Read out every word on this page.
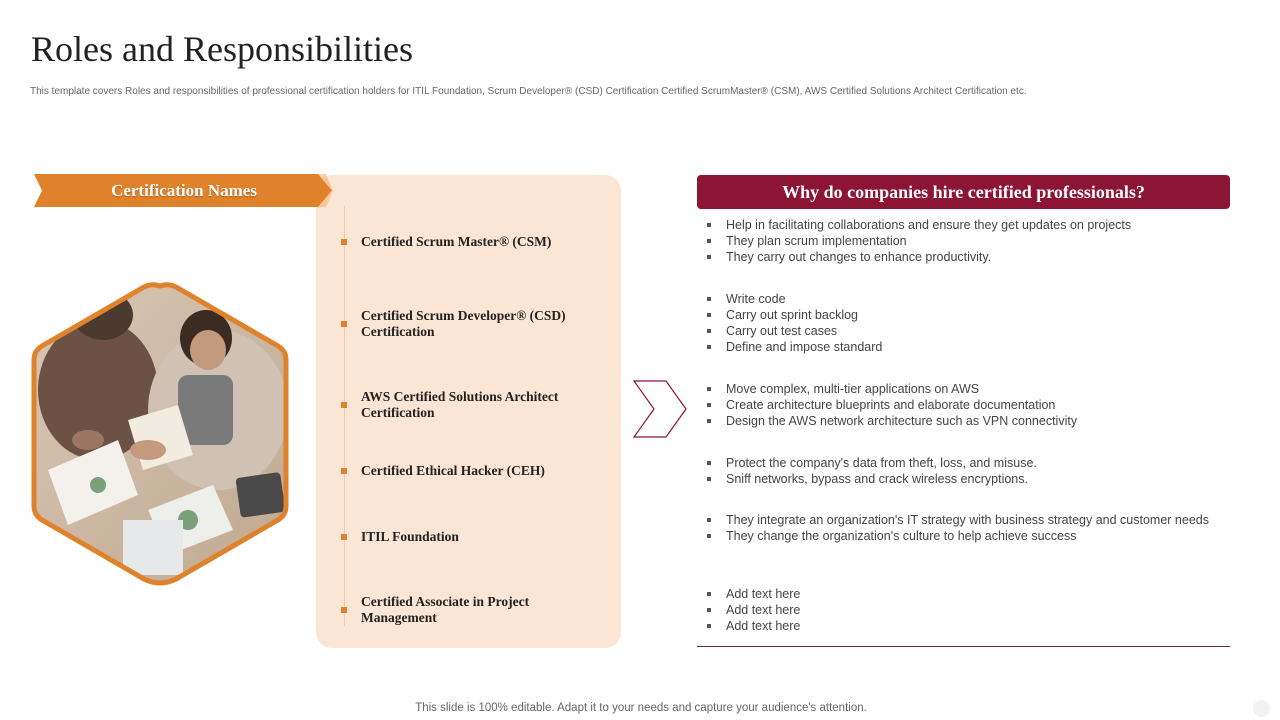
Roles and Responsibilities
This template covers Roles and responsibilities of professional certification holders for ITIL Foundation, Scrum Developer® (CSD) Certification Certified ScrumMaster® (CSM), AWS Certified Solutions Architect Certification etc.
Certification Names
Certified Scrum Master® (CSM)
Certified Scrum Developer® (CSD) Certification
AWS Certified Solutions Architect Certification
Certified Ethical Hacker (CEH)
ITIL Foundation
Certified Associate in Project Management
Why do companies hire certified professionals?
Help in facilitating collaborations and ensure they get updates on projects
They plan scrum implementation
They carry out changes to enhance productivity.
Write code
Carry out sprint backlog
Carry out test cases
Define and impose standard
Move complex, multi-tier applications on AWS
Create architecture blueprints and elaborate documentation
Design the AWS network architecture such as VPN connectivity
Protect the company's data from theft, loss, and misuse.
Sniff networks, bypass and crack wireless encryptions.
They integrate an organization's IT strategy with business strategy and customer needs
They change the organization's culture to help achieve success
Add text here
Add text here
Add text here
This slide is 100% editable. Adapt it to your needs and capture your audience's attention.
